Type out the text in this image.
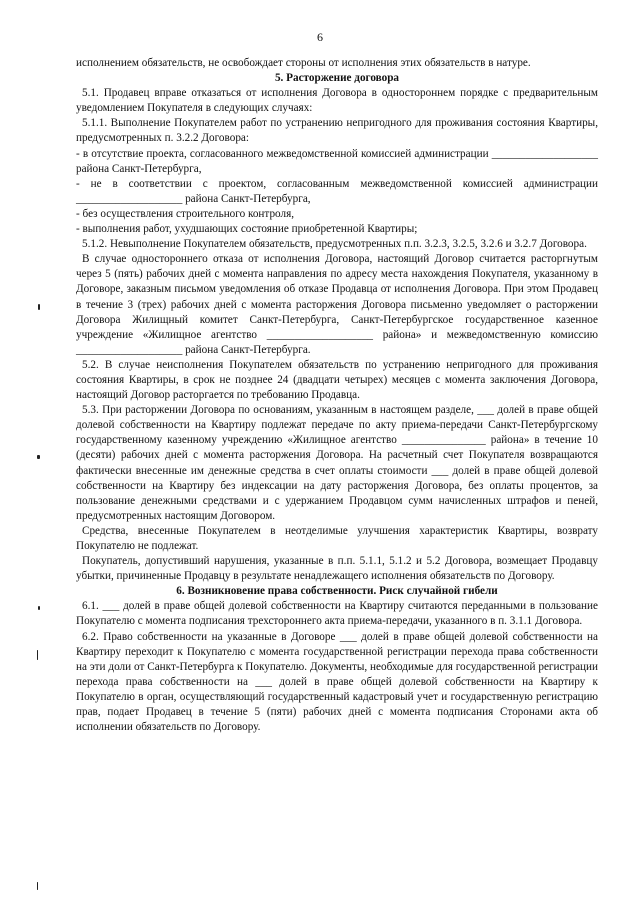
6

исполнением обязательств, не освобождает стороны от исполнения этих обязательств в натуре.

5. Расторжение договора

5.1. Продавец вправе отказаться от исполнения Договора в одностороннем порядке с предварительным уведомлением Покупателя в следующих случаях:

5.1.1. Выполнение Покупателем работ по устранению непригодного для проживания состояния Квартиры, предусмотренных п. 3.2.2 Договора:

- в отсутствие проекта, согласованного межведомственной комиссией администрации ___________________ района Санкт-Петербурга,

- не в соответствии с проектом, согласованным межведомственной комиссией администрации ___________________ района Санкт-Петербурга,

- без осуществления строительного контроля,

- выполнения работ, ухудшающих состояние приобретенной Квартиры;

5.1.2. Невыполнение Покупателем обязательств, предусмотренных п.п. 3.2.3, 3.2.5, 3.2.6 и 3.2.7 Договора.

В случае одностороннего отказа от исполнения Договора, настоящий Договор считается расторгнутым через 5 (пять) рабочих дней с момента направления по адресу места нахождения Покупателя, указанному в Договоре, заказным письмом уведомления об отказе Продавца от исполнения Договора. При этом Продавец в течение 3 (трех) рабочих дней с момента расторжения Договора письменно уведомляет о расторжении Договора Жилищный комитет Санкт-Петербурга, Санкт-Петербургское государственное казенное учреждение «Жилищное агентство ___________________ района» и межведомственную комиссию ___________________ района Санкт-Петербурга.

5.2. В случае неисполнения Покупателем обязательств по устранению непригодного для проживания состояния Квартиры, в срок не позднее 24 (двадцати четырех) месяцев с момента заключения Договора, настоящий Договор расторгается по требованию Продавца.

5.3. При расторжении Договора по основаниям, указанным в настоящем разделе, ___ долей в праве общей долевой собственности на Квартиру подлежат передаче по акту приема-передачи Санкт-Петербургскому государственному казенному учреждению «Жилищное агентство _______________ района» в течение 10 (десяти) рабочих дней с момента расторжения Договора. На расчетный счет Покупателя возвращаются фактически внесенные им денежные средства в счет оплаты стоимости ___ долей в праве общей долевой собственности на Квартиру без индексации на дату расторжения Договора, без оплаты процентов, за пользование денежными средствами и с удержанием Продавцом сумм начисленных штрафов и пеней, предусмотренных настоящим Договором.

Средства, внесенные Покупателем в неотделимые улучшения характеристик Квартиры, возврату Покупателю не подлежат.

Покупатель, допустивший нарушения, указанные в п.п. 5.1.1, 5.1.2 и 5.2 Договора, возмещает Продавцу убытки, причиненные Продавцу в результате ненадлежащего исполнения обязательств по Договору.

6. Возникновение права собственности. Риск случайной гибели

6.1. ___ долей в праве общей долевой собственности на Квартиру считаются переданными в пользование Покупателю с момента подписания трехстороннего акта приема-передачи, указанного в п. 3.1.1 Договора.

6.2. Право собственности на указанные в Договоре ___ долей в праве общей долевой собственности на Квартиру переходит к Покупателю с момента государственной регистрации перехода права собственности на эти доли от Санкт-Петербурга к Покупателю. Документы, необходимые для государственной регистрации перехода права собственности на ___ долей в праве общей долевой собственности на Квартиру к Покупателю в орган, осуществляющий государственный кадастровый учет и государственную регистрацию прав, подает Продавец в течение 5 (пяти) рабочих дней с момента подписания Сторонами акта об исполнении обязательств по Договору.
